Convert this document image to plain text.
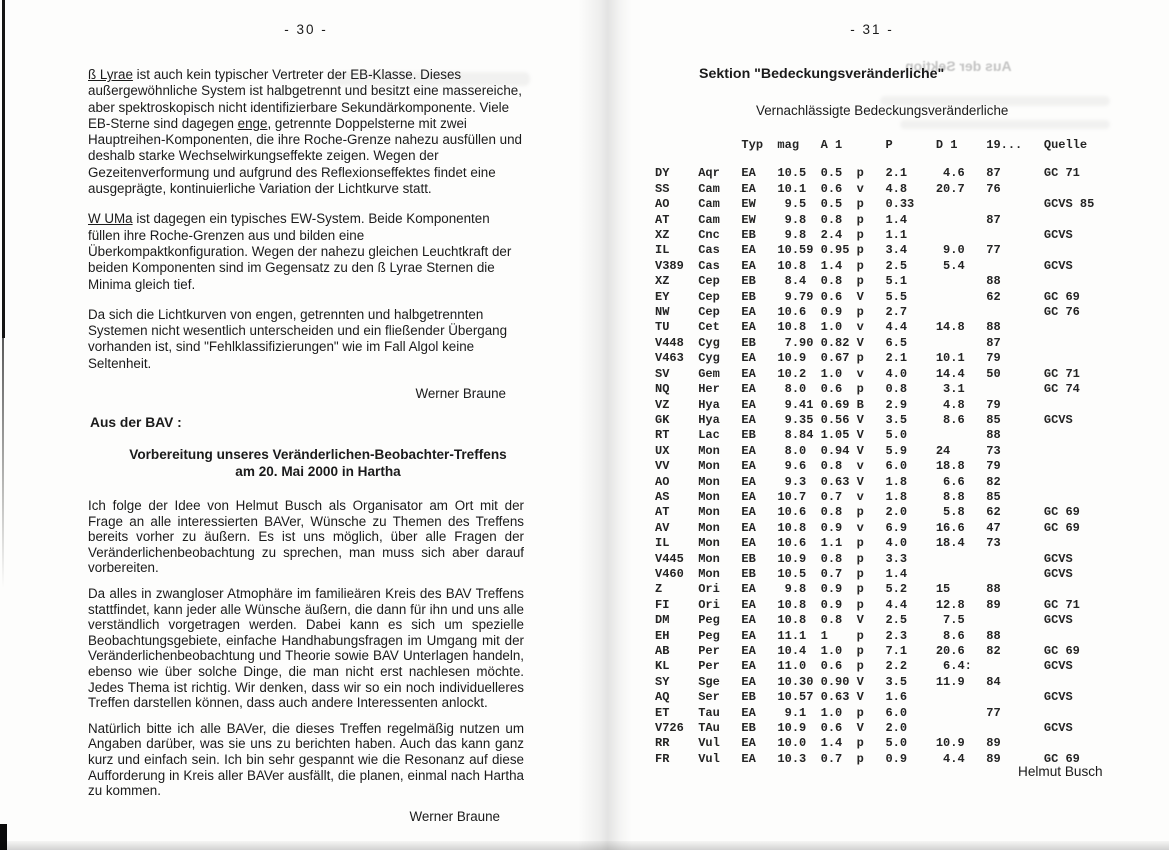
Aus der Sektion
- 30 -

ß Lyrae ist auch kein typischer Vertreter der EB-Klasse. Dieses außergewöhnliche System ist halbgetrennt und besitzt eine massereiche, aber spektroskopisch nicht identifizierbare Sekundärkomponente. Viele EB-Sterne sind dagegen enge, getrennte Doppelsterne mit zwei Hauptreihen-Komponenten, die ihre Roche-Grenze nahezu ausfüllen und deshalb starke Wechselwirkungseffekte zeigen. Wegen der Gezeitenverformung und aufgrund des Reflexionseffektes findet eine ausgeprägte, kontinuierliche Variation der Lichtkurve statt.

W UMa ist dagegen ein typisches EW-System. Beide Komponenten füllen ihre Roche-Grenzen aus und bilden eine Überkompaktkonfiguration. Wegen der nahezu gleichen Leuchtkraft der beiden Komponenten sind im Gegensatz zu den ß Lyrae Sternen die Minima gleich tief.

Da sich die Lichtkurven von engen, getrennten und halbgetrennten Systemen nicht wesentlich unterscheiden und ein fließender Übergang vorhanden ist, sind "Fehlklassifizierungen" wie im Fall Algol keine Seltenheit.

Werner Braune
Aus der BAV :
Vorbereitung unseres Veränderlichen-Beobachter-Treffens
am 20. Mai 2000 in Hartha

Ich folge der Idee von Helmut Busch als Organisator am Ort mit der Frage an alle interessierten BAVer, Wünsche zu Themen des Treffens bereits vorher zu äußern. Es ist uns möglich, über alle Fragen der Veränderlichenbeobachtung zu sprechen, man muss sich aber darauf vorbereiten.

Da alles in zwangloser Atmophäre im familieären Kreis des BAV Treffens stattfindet, kann jeder alle Wünsche äußern, die dann für ihn und uns alle verständlich vorgetragen werden. Dabei kann es sich um spezielle Beobachtungsgebiete, einfache Handhabungsfragen im Umgang mit der Veränderlichenbeobachtung und Theorie sowie BAV Unterlagen handeln, ebenso wie über solche Dinge, die man nicht erst nachlesen möchte. Jedes Thema ist richtig. Wir denken, dass wir so ein noch individuelleres Treffen darstellen können, dass auch andere Interessenten anlockt.

Natürlich bitte ich alle BAVer, die dieses Treffen regelmäßig nutzen um Angaben darüber, was sie uns zu berichten haben. Auch das kann ganz kurz und einfach sein. Ich bin sehr gespannt wie die Resonanz auf diese Aufforderung in Kreis aller BAVer ausfällt, die planen, einmal nach Hartha zu kommen.

Werner Braune
- 31 -
Sektion "Bedeckungsveränderliche"
Vernachlässigte Bedeckungsveränderliche
Typ  mag   A 1      P      D 1    19...   Quelle
DY    Aqr   EA   10.5  0.5  p   2.1     4.6   87      GC 71
SS    Cam   EA   10.1  0.6  v   4.8    20.7   76
AO    Cam   EW    9.5  0.5  p   0.33                  GCVS 85
AT    Cam   EW    9.8  0.8  p   1.4           87
XZ    Cnc   EB    9.8  2.4  p   1.1                   GCVS
IL    Cas   EA   10.59 0.95 p   3.4     9.0   77
V389  Cas   EA   10.8  1.4  p   2.5     5.4           GCVS
XZ    Cep   EB    8.4  0.8  p   5.1           88
EY    Cep   EB    9.79 0.6  V   5.5           62      GC 69
NW    Cep   EA   10.6  0.9  p   2.7                   GC 76
TU    Cet   EA   10.8  1.0  v   4.4    14.8   88
V448  Cyg   EB    7.90 0.82 V   6.5           87
V463  Cyg   EA   10.9  0.67 p   2.1    10.1   79
SV    Gem   EA   10.2  1.0  v   4.0    14.4   50      GC 71
NQ    Her   EA    8.0  0.6  p   0.8     3.1           GC 74
VZ    Hya   EA    9.41 0.69 B   2.9     4.8   79
GK    Hya   EA    9.35 0.56 V   3.5     8.6   85      GCVS
RT    Lac   EB    8.84 1.05 V   5.0           88
UX    Mon   EA    8.0  0.94 V   5.9    24     73
VV    Mon   EA    9.6  0.8  v   6.0    18.8   79
AO    Mon   EA    9.3  0.63 V   1.8     6.6   82
AS    Mon   EA   10.7  0.7  v   1.8     8.8   85
AT    Mon   EA   10.6  0.8  p   2.0     5.8   62      GC 69
AV    Mon   EA   10.8  0.9  v   6.9    16.6   47      GC 69
IL    Mon   EA   10.6  1.1  p   4.0    18.4   73
V445  Mon   EB   10.9  0.8  p   3.3                   GCVS
V460  Mon   EB   10.5  0.7  p   1.4                   GCVS
Z     Ori   EA    9.8  0.9  p   5.2    15     88
FI    Ori   EA   10.8  0.9  p   4.4    12.8   89      GC 71
DM    Peg   EA   10.8  0.8  V   2.5     7.5           GCVS
EH    Peg   EA   11.1  1    p   2.3     8.6   88
AB    Per   EA   10.4  1.0  p   7.1    20.6   82      GC 69
KL    Per   EA   11.0  0.6  p   2.2     6.4:          GCVS
SY    Sge   EA   10.30 0.90 V   3.5    11.9   84
AQ    Ser   EB   10.57 0.63 V   1.6                   GCVS
ET    Tau   EA    9.1  1.0  p   6.0           77
V726  TAu   EB   10.9  0.6  V   2.0                   GCVS
RR    Vul   EA   10.0  1.4  p   5.0    10.9   89
FR    Vul   EA   10.3  0.7  p   0.9     4.4   89      GC 69
Helmut Busch
